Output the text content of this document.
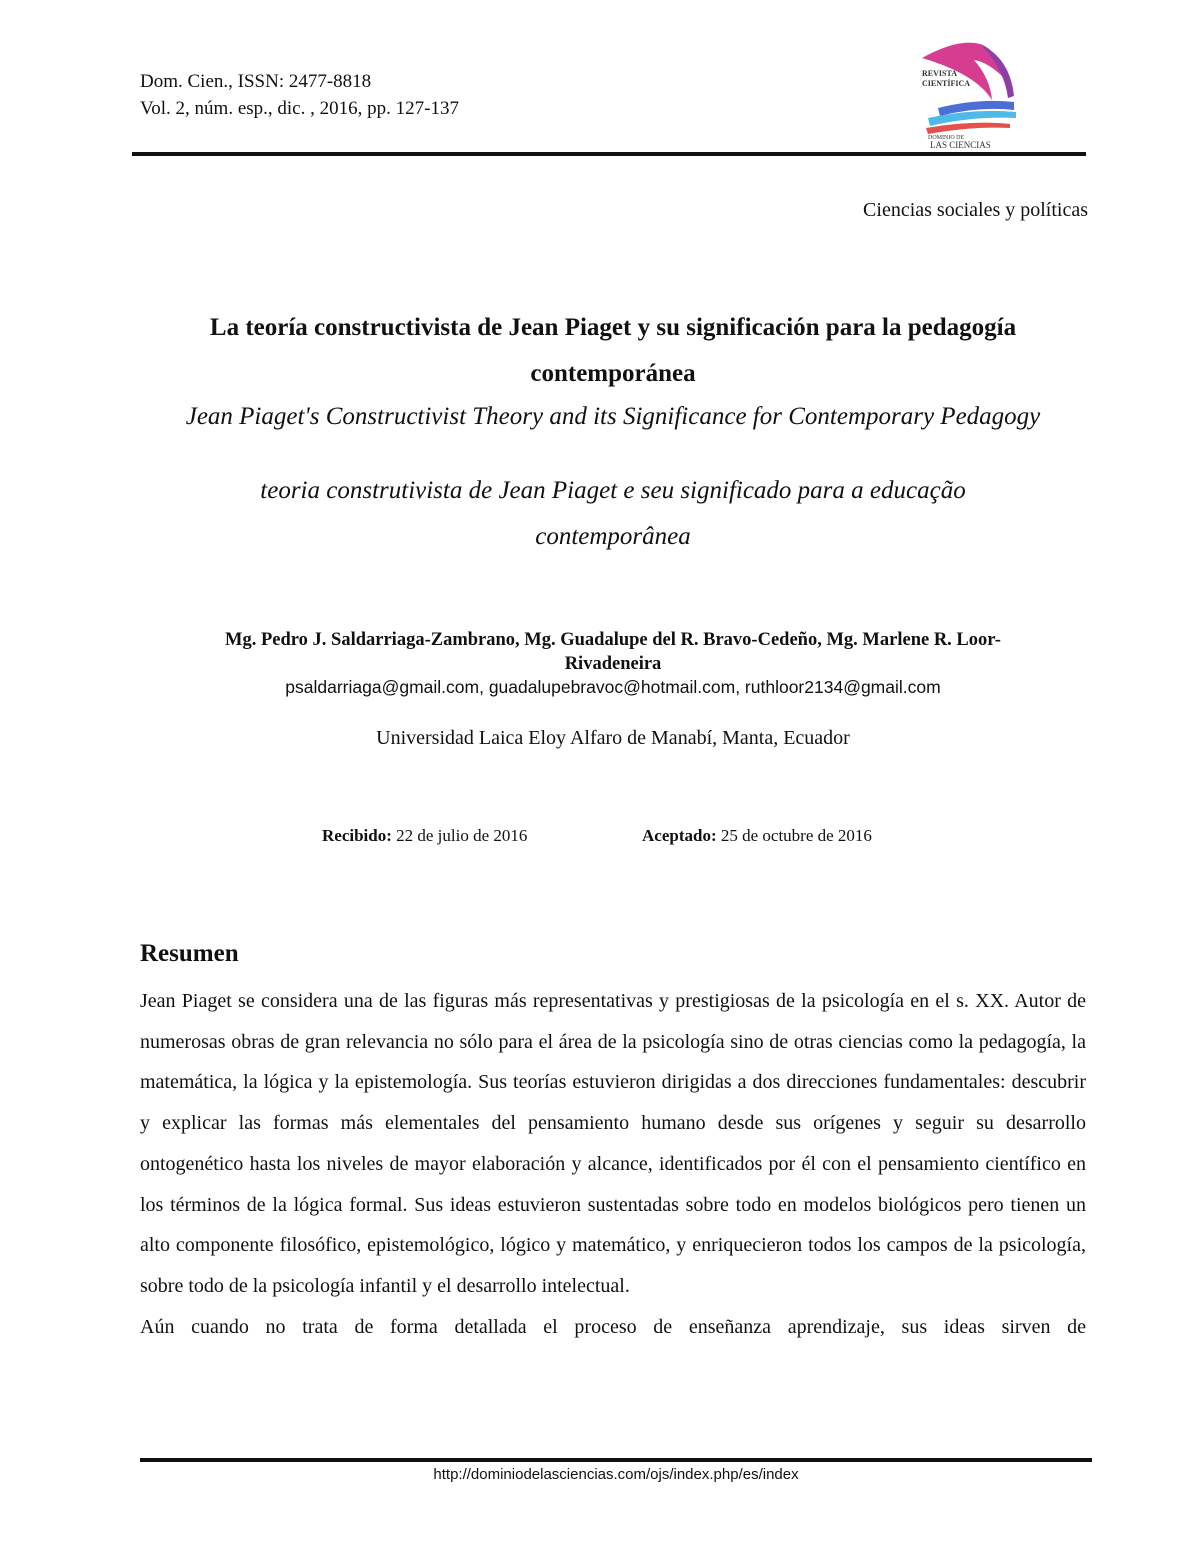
Dom. Cien., ISSN: 2477-8818
Vol. 2, núm. esp., dic. , 2016, pp. 127-137
REVISTA
CIENTÍFICA
DOMINIO DE
LAS CIENCIAS
Ciencias sociales y políticas
La teoría constructivista de Jean Piaget y su significación para la pedagogía
contemporánea
Jean Piaget's Constructivist Theory and its Significance for Contemporary Pedagogy
teoria construtivista de Jean Piaget e seu significado para a educação
contemporânea
Mg. Pedro J. Saldarriaga-Zambrano, Mg. Guadalupe del R. Bravo-Cedeño, Mg. Marlene R. Loor-
Rivadeneira
psaldarriaga@gmail.com, guadalupebravoc@hotmail.com, ruthloor2134@gmail.com
Universidad Laica Eloy Alfaro de Manabí, Manta, Ecuador
Recibido: 22 de julio de 2016	Aceptado: 25 de octubre de 2016
Resumen

Jean Piaget se considera una de las figuras más representativas y prestigiosas de la psicología en el s. XX. Autor de numerosas obras de gran relevancia no sólo para el área de la psicología sino de otras ciencias como la pedagogía, la matemática, la lógica y la epistemología. Sus teorías estuvieron dirigidas a dos direcciones fundamentales: descubrir y explicar las formas más elementales del pensamiento humano desde sus orígenes y seguir su desarrollo ontogenético hasta los niveles de mayor elaboración y alcance, identificados por él con el pensamiento científico en los términos de la lógica formal. Sus ideas estuvieron sustentadas sobre todo en modelos biológicos pero tienen un alto componente filosófico, epistemológico, lógico y matemático, y enriquecieron todos los campos de la psicología, sobre todo de la psicología infantil y el desarrollo intelectual.

Aún cuando no trata de forma detallada el proceso de enseñanza aprendizaje, sus ideas sirven de

http://dominiodelasciencias.com/ojs/index.php/es/index
